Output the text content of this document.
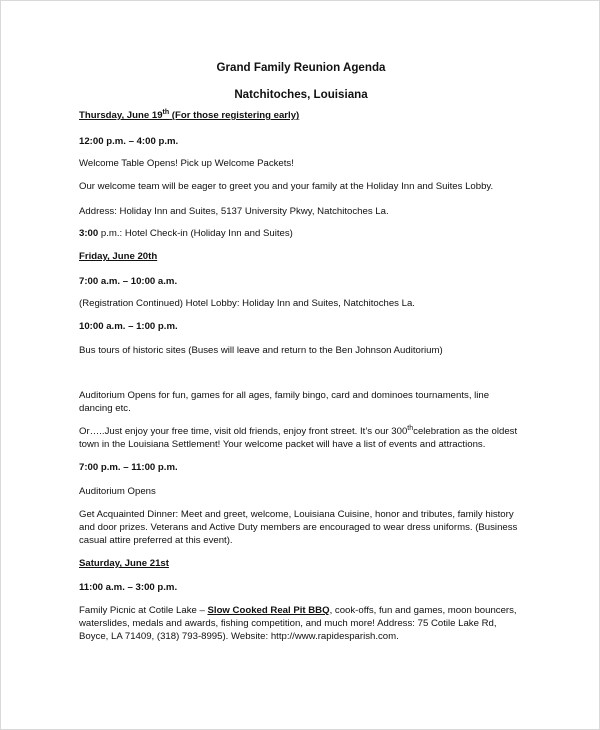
Grand Family Reunion Agenda
Natchitoches, Louisiana
Thursday, June 19th (For those registering early)
12:00 p.m. – 4:00 p.m.
Welcome Table Opens! Pick up Welcome Packets!
Our welcome team will be eager to greet you and your family at the Holiday Inn and Suites Lobby.
Address: Holiday Inn and Suites, 5137 University Pkwy, Natchitoches La.
3:00 p.m.: Hotel Check-in (Holiday Inn and Suites)
Friday, June 20th
7:00 a.m. – 10:00 a.m.
(Registration Continued) Hotel Lobby: Holiday Inn and Suites, Natchitoches La.
10:00 a.m. – 1:00 p.m.
Bus tours of historic sites (Buses will leave and return to the Ben Johnson Auditorium)
Auditorium Opens for fun, games for all ages, family bingo, card and dominoes tournaments, line
dancing etc.
Or…..Just enjoy your free time, visit old friends, enjoy front street. It’s our 300thcelebration as the oldest
town in the Louisiana Settlement! Your welcome packet will have a list of events and attractions.
7:00 p.m. – 11:00 p.m.
Auditorium Opens
Get Acquainted Dinner: Meet and greet, welcome, Louisiana Cuisine, honor and tributes, family history
and door prizes. Veterans and Active Duty members are encouraged to wear dress uniforms. (Business
casual attire preferred at this event).
Saturday, June 21st
11:00 a.m. – 3:00 p.m.
Family Picnic at Cotile Lake – Slow Cooked Real Pit BBQ, cook-offs, fun and games, moon bouncers,
waterslides, medals and awards, fishing competition, and much more! Address: 75 Cotile Lake Rd,
Boyce, LA 71409, (318) 793-8995). Website: http://www.rapidesparish.com.
